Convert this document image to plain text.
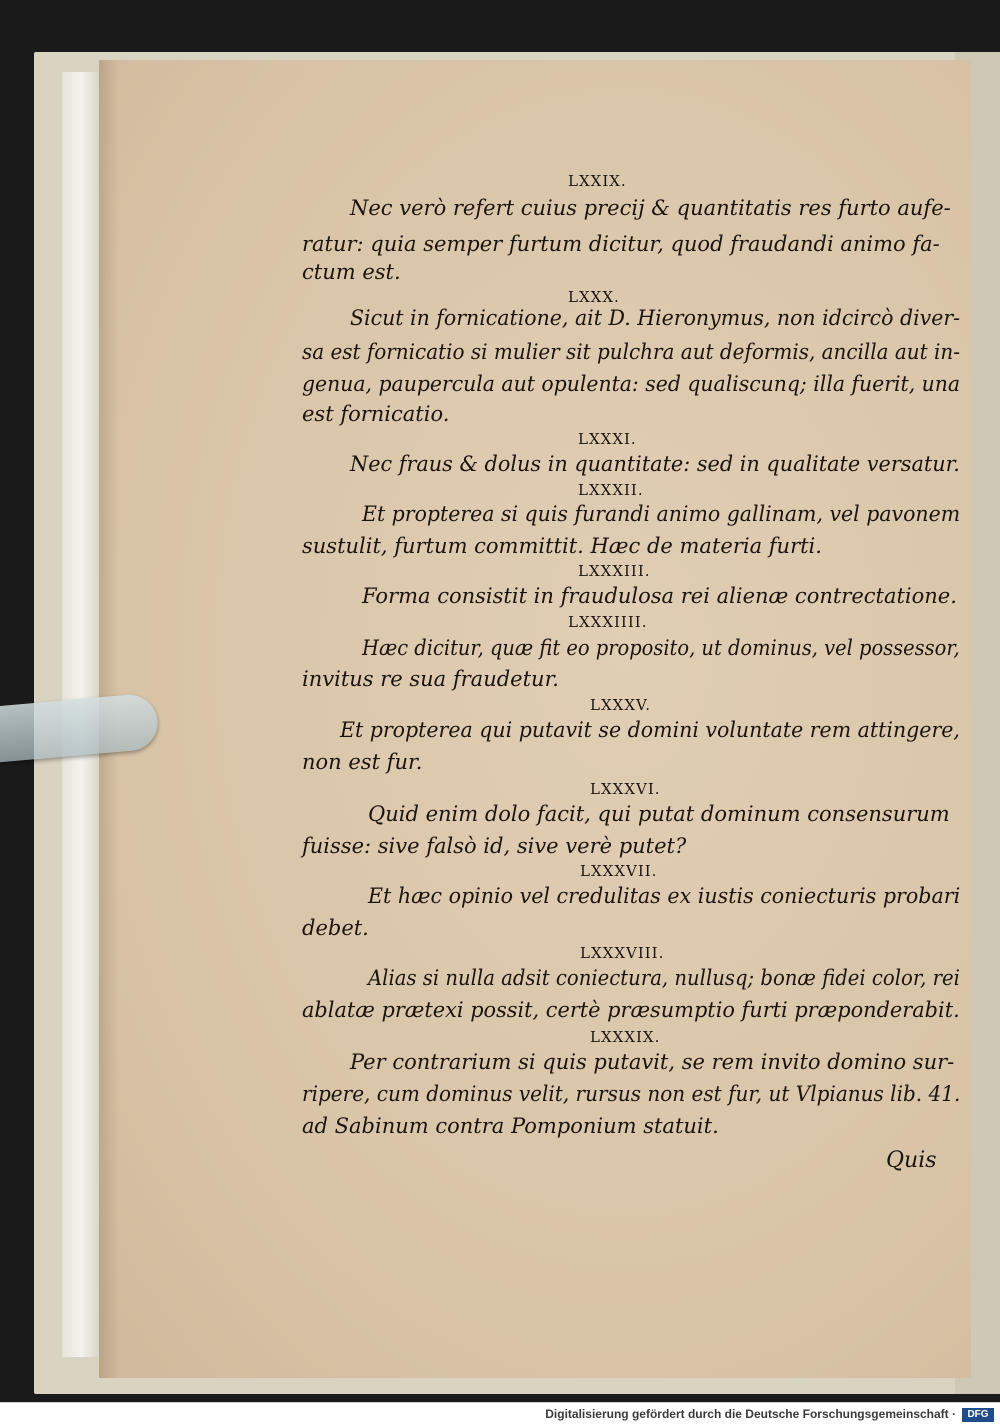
LXXIX.
Nec verò refert cuius precij & quantitatis res furto aufe-
ratur: quia semper furtum dicitur, quod fraudandi animo fa-
ctum est.
LXXX.
Sicut in fornicatione, ait D. Hieronymus, non idcircò diver-
sa est fornicatio si mulier sit pulchra aut deformis, ancilla aut in-
genua, paupercula aut opulenta: sed qualiscunq; illa fuerit, una
est fornicatio.
LXXXI.
Nec fraus & dolus in quantitate: sed in qualitate versatur.
LXXXII.
Et propterea si quis furandi animo gallinam, vel pavonem
sustulit, furtum committit. Hæc de materia furti.
LXXXIII.
Forma consistit in fraudulosa rei alienæ contrectatione.
LXXXIIII.
Hæc dicitur, quæ fit eo proposito, ut dominus, vel possessor,
invitus re sua fraudetur.
LXXXV.
Et propterea qui putavit se domini voluntate rem attingere,
non est fur.
LXXXVI.
Quid enim dolo facit, qui putat dominum consensurum
fuisse: sive falsò id, sive verè putet?
LXXXVII.
Et hæc opinio vel credulitas ex iustis coniecturis probari
debet.
LXXXVIII.
Alias si nulla adsit coniectura, nullusq; bonæ fidei color, rei
ablatæ prætexi possit, certè præsumptio furti præponderabit.
LXXXIX.
Per contrarium si quis putavit, se rem invito domino sur-
ripere, cum dominus velit, rursus non est fur, ut Vlpianus lib. 41.
ad Sabinum contra Pomponium statuit.
Quis
Digitalisierung gefördert durch die Deutsche Forschungsgemeinschaft ·	DFG
